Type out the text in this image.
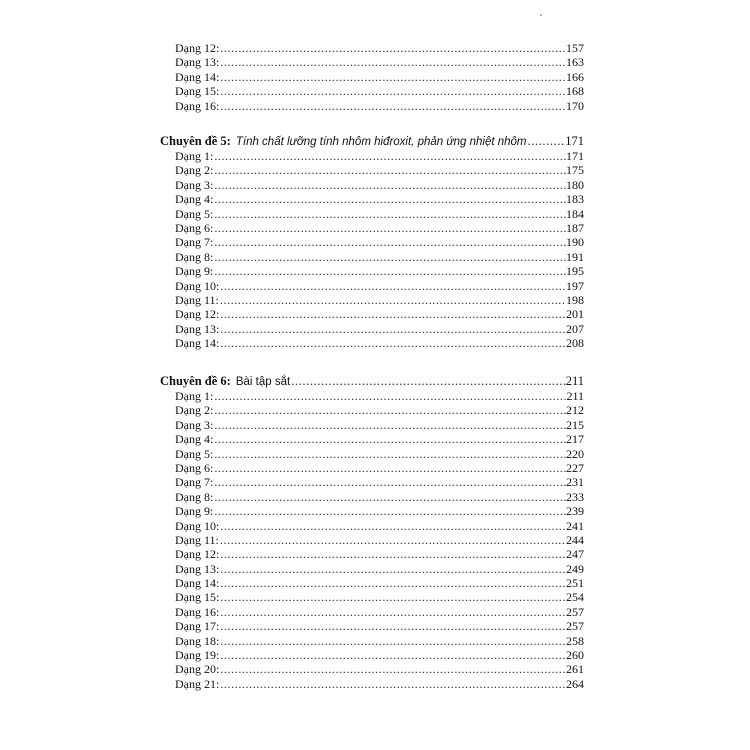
Dạng 12: .....	157
Dạng 13: .....	163
Dạng 14: .....	166
Dạng 15: .....	168
Dạng 16: .....	170
Chuyên đề 5: Tính chất lưỡng tính nhôm hiđroxit, phản ứng nhiệt nhôm .....	171
Dạng 1: .....	171
Dạng 2: .....	175
Dạng 3: .....	180
Dạng 4: .....	183
Dạng 5: .....	184
Dạng 6: .....	187
Dạng 7: .....	190
Dạng 8: .....	191
Dạng 9: .....	195
Dạng 10: .....	197
Dạng 11: .....	198
Dạng 12: .....	201
Dạng 13: .....	207
Dạng 14: .....	208
Chuyên đề 6: Bài tập sắt .....	211
Dạng 1: .....	211
Dạng 2: .....	212
Dạng 3: .....	215
Dạng 4: .....	217
Dạng 5: .....	220
Dạng 6: .....	227
Dạng 7: .....	231
Dạng 8: .....	233
Dạng 9: .....	239
Dạng 10: .....	241
Dạng 11: .....	244
Dạng 12: .....	247
Dạng 13: .....	249
Dạng 14: .....	251
Dạng 15: .....	254
Dạng 16: .....	257
Dạng 17: .....	257
Dạng 18: .....	258
Dạng 19: .....	260
Dạng 20: .....	261
Dạng 21: .....	264
